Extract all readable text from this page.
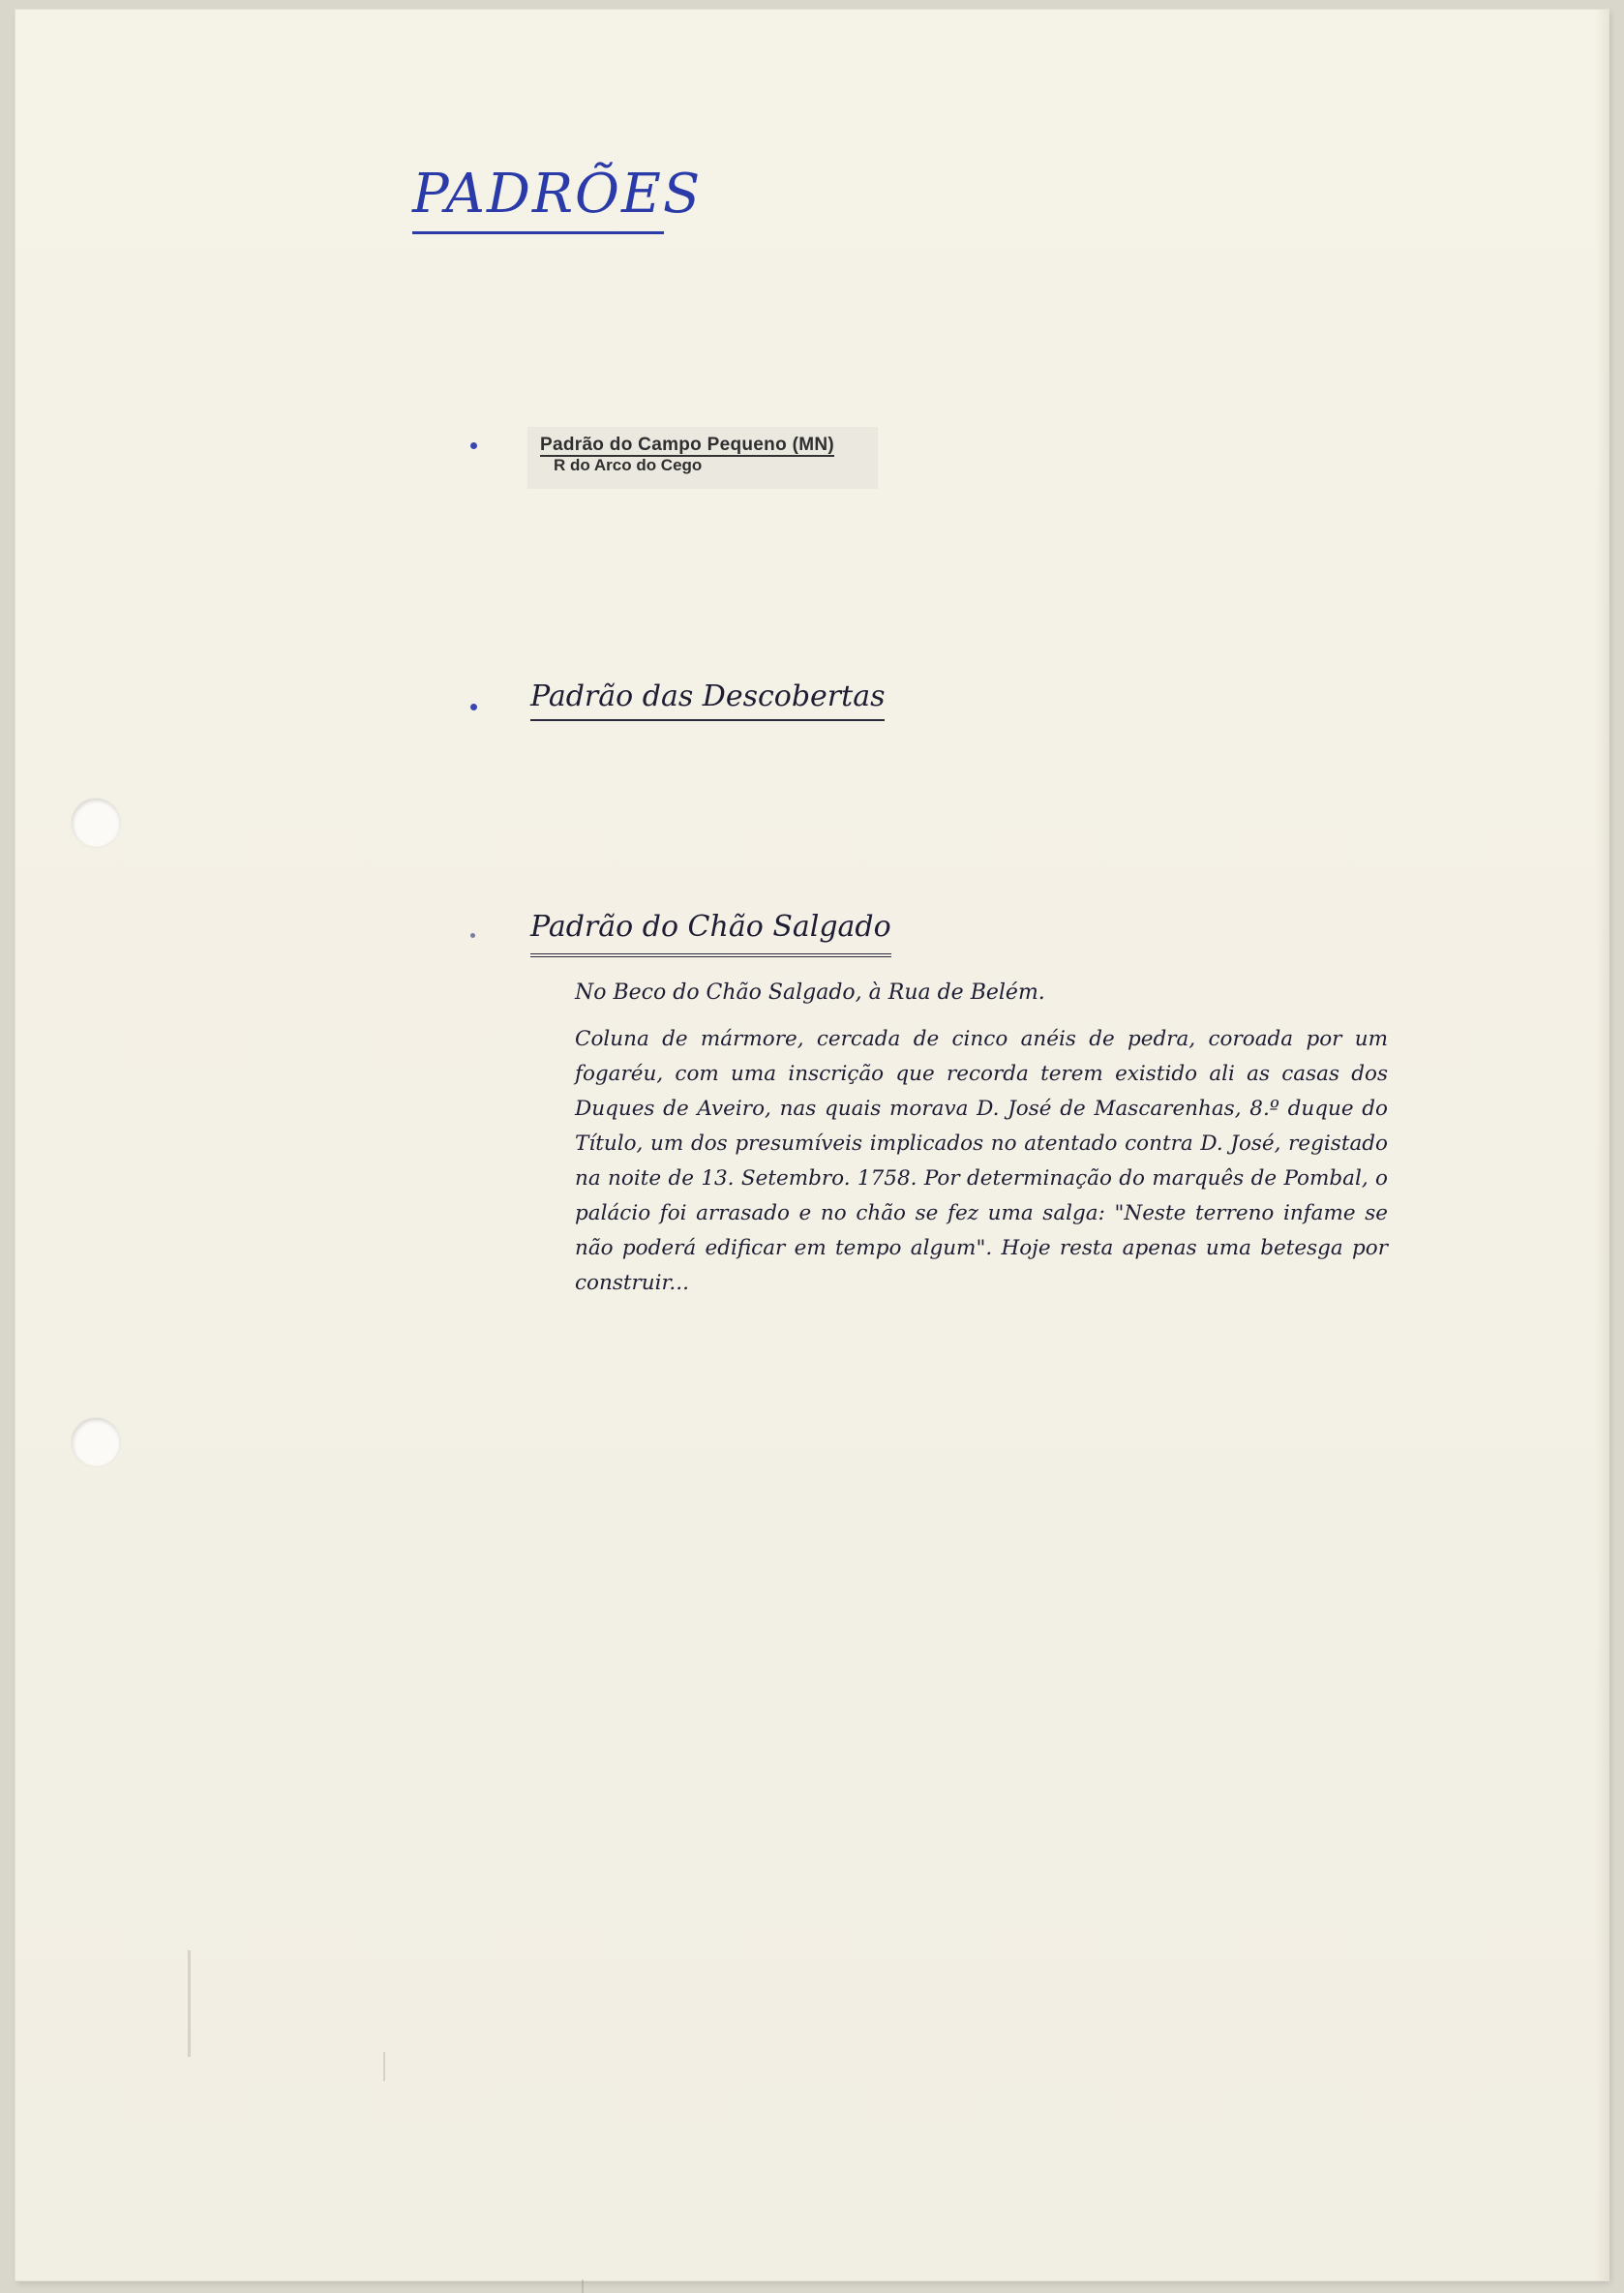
PADRÕES
Padrão do Campo Pequeno (MN)
R do Arco do Cego
Padrão das Descobertas
Padrão do Chão Salgado
No Beco do Chão Salgado, à Rua de Belém.
Coluna de mármore, cercada de cinco anéis de pedra, coroada por um fogaréu, com uma inscrição que recorda terem existido ali as casas dos Duques de Aveiro, nas quais morava D. José de Mascarenhas, 8.º duque do Título, um dos presumíveis implicados no atentado contra D. José, registado na noite de 13. Setembro. 1758. Por determinação do marquês de Pombal, o palácio foi arrasado e no chão se fez uma salga: "Neste terreno infame se não poderá edificar em tempo algum". Hoje resta apenas uma betesga por construir...
